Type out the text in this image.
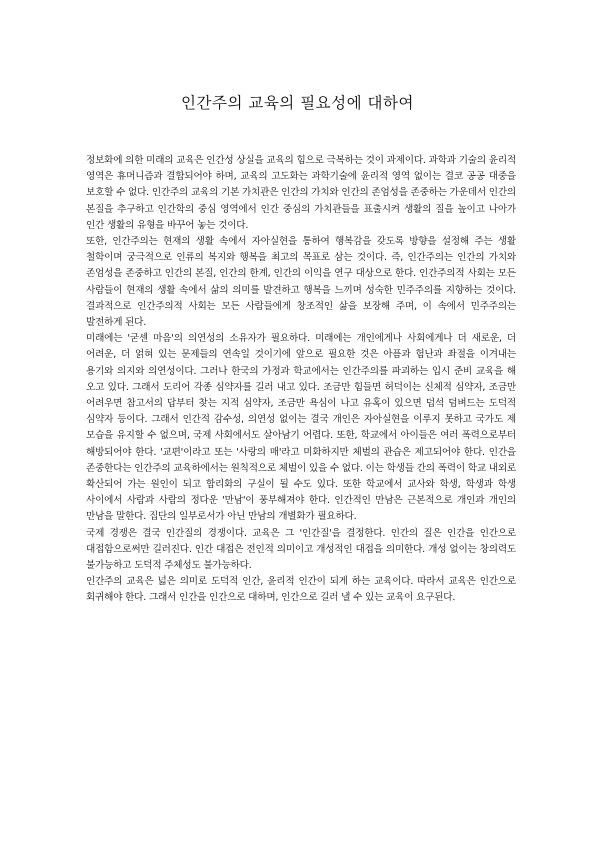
인간주의 교육의 필요성에 대하여

정보화에 의한 미래의 교육은 인간성 상실을 교육의 힘으로 극복하는 것이 과제이다. 과학과 기술의 윤리적 영역은 휴머니즘과 결합되어야 하며, 교육의 고도화는 과학기술에 윤리적 영역 없이는 결코 공공 대중을 보호할 수 없다. 인간주의 교육의 기본 가치관은 인간의 가치와 인간의 존엄성을 존중하는 가운데서 인간의 본질을 추구하고 인간학의 중심 영역에서 인간 중심의 가치관들을 표출시켜 생활의 질을 높이고 나아가 인간 생활의 유형을 바꾸어 놓는 것이다.

또한, 인간주의는 현재의 생활 속에서 자아실현을 통하여 행복감을 갖도록 방향을 설정해 주는 생활 철학이며 궁극적으로 인류의 복지와 행복을 최고의 목표로 삼는 것이다. 즉, 인간주의는 인간의 가치와 존엄성을 존중하고 인간의 본질, 인간의 한계, 인간의 이익을 연구 대상으로 한다. 인간주의적 사회는 모든 사람들이 현재의 생활 속에서 삶의 의미를 발견하고 행복을 느끼며 성숙한 민주주의를 지향하는 것이다. 결과적으로 인간주의적 사회는 모든 사람들에게 창조적인 삶을 보장해 주며, 이 속에서 민주주의는 발전하게 된다.

미래에는 '굳센 마음'의 의연성의 소유자가 필요하다. 미래에는 개인에게나 사회에게나 더 새로운, 더 어려운, 더 얽혀 있는 문제들의 연속일 것이기에 앞으로 필요한 것은 아픔과 험난과 좌절을 이겨내는 용기와 의지와 의연성이다. 그러나 한국의 가정과 학교에서는 인간주의를 파괴하는 입시 준비 교육을 해 오고 있다. 그래서 도리어 각종 심약자를 길러 내고 있다. 조금만 힘들면 허덕이는 신체적 심약자, 조금만 어려우면 참고서의 답부터 찾는 지적 심약자, 조금만 욕심이 나고 유혹이 있으면 덥석 덤벼드는 도덕적 심약자 등이다. 그래서 인간적 감수성, 의연성 없이는 결국 개인은 자아실현을 이루지 못하고 국가도 제 모습을 유지할 수 없으며, 국제 사회에서도 살아남기 어렵다. 또한, 학교에서 아이들은 여러 폭력으로부터 해방되어야 한다. '교편'이라고 또는 '사랑의 매'라고 미화하지만 체벌의 관습은 제고되어야 한다. 인간을 존중한다는 인간주의 교육하에서는 원칙적으로 체벌이 있을 수 없다. 이는 학생들 간의 폭력이 학교 내외로 확산되어 가는 원인이 되고 합리화의 구실이 될 수도 있다. 또한 학교에서 교사와 학생, 학생과 학생 사이에서 사람과 사람의 정다운 '만남'이 풍부해져야 한다. 인간적인 만남은 근본적으로 개인과 개인의 만남을 말한다. 집단의 일부로서가 아닌 만남의 개별화가 필요하다.

국제 경쟁은 결국 인간질의 경쟁이다. 교육은 그 '인간질'을 결정한다. 인간의 질은 인간을 인간으로 대접함으로써만 길러진다. 인간 대접은 전인적 의미이고 개성적인 대접을 의미한다. 개성 없이는 창의력도 불가능하고 도덕적 주체성도 불가능하다.

인간주의 교육은 넓은 의미로 도덕적 인간, 윤리적 인간이 되게 하는 교육이다. 따라서 교육은 인간으로 회귀해야 한다. 그래서 인간을 인간으로 대하며, 인간으로 길러 낼 수 있는 교육이 요구된다.
